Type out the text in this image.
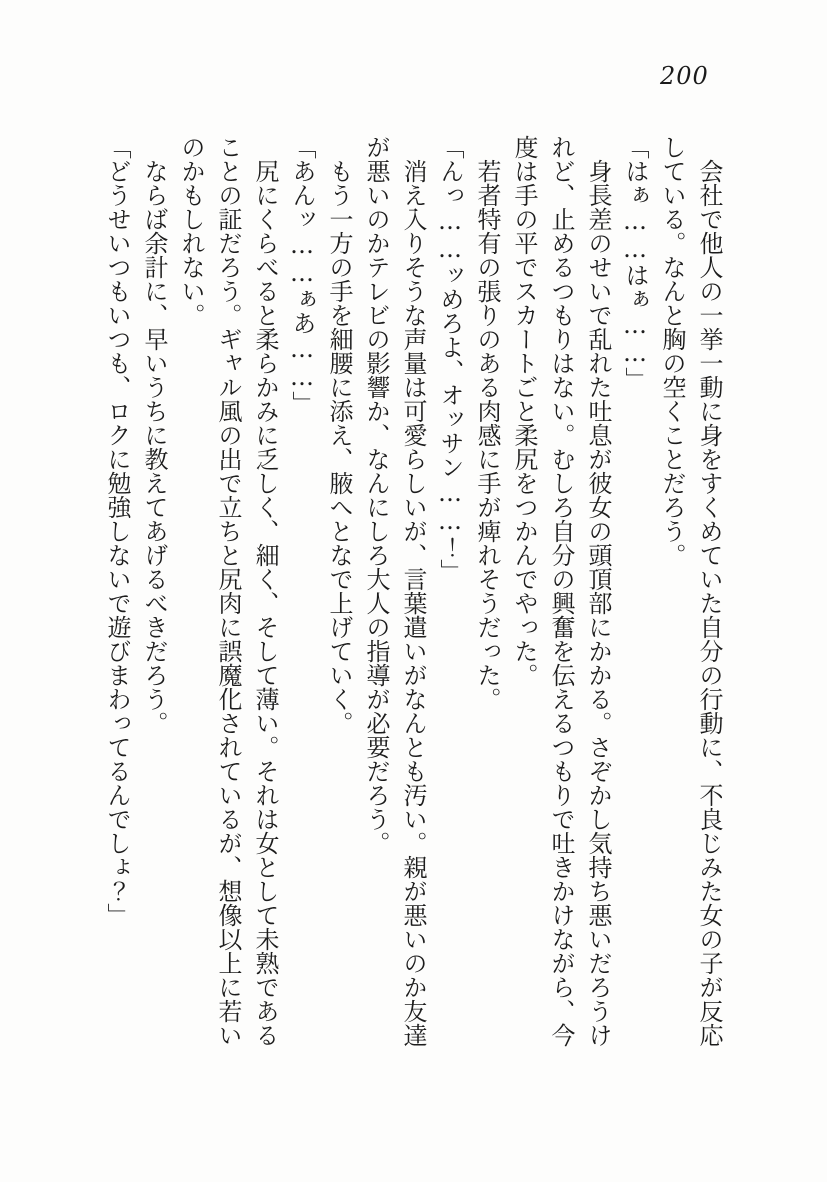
200

会社で他人の一挙一動に身をすくめていた自分の行動に、不良じみた女の子が反応

している。なんと胸の空くことだろう。

「はぁ……はぁ……」

身長差のせいで乱れた吐息が彼女の頭頂部にかかる。さぞかし気持ち悪いだろうけ

れど、止めるつもりはない。むしろ自分の興奮を伝えるつもりで吐きかけながら、今

度は手の平でスカートごと柔尻をつかんでやった。

若者特有の張りのある肉感に手が痺れそうだった。

「んっ……ッめろよ、オッサン……！」

消え入りそうな声量は可愛らしいが、言葉遣いがなんとも汚い。親が悪いのか友達

が悪いのかテレビの影響か、なんにしろ大人の指導が必要だろう。

もう一方の手を細腰に添え、腋へとなで上げていく。

「あんッ……ぁあ……」

尻にくらべると柔らかみに乏しく、細く、そして薄い。それは女として未熟である

ことの証だろう。ギャル風の出で立ちと尻肉に誤魔化されているが、想像以上に若い

のかもしれない。

ならば余計に、早いうちに教えてあげるべきだろう。

「どうせいつもいつも、ロクに勉強しないで遊びまわってるんでしょ？」
